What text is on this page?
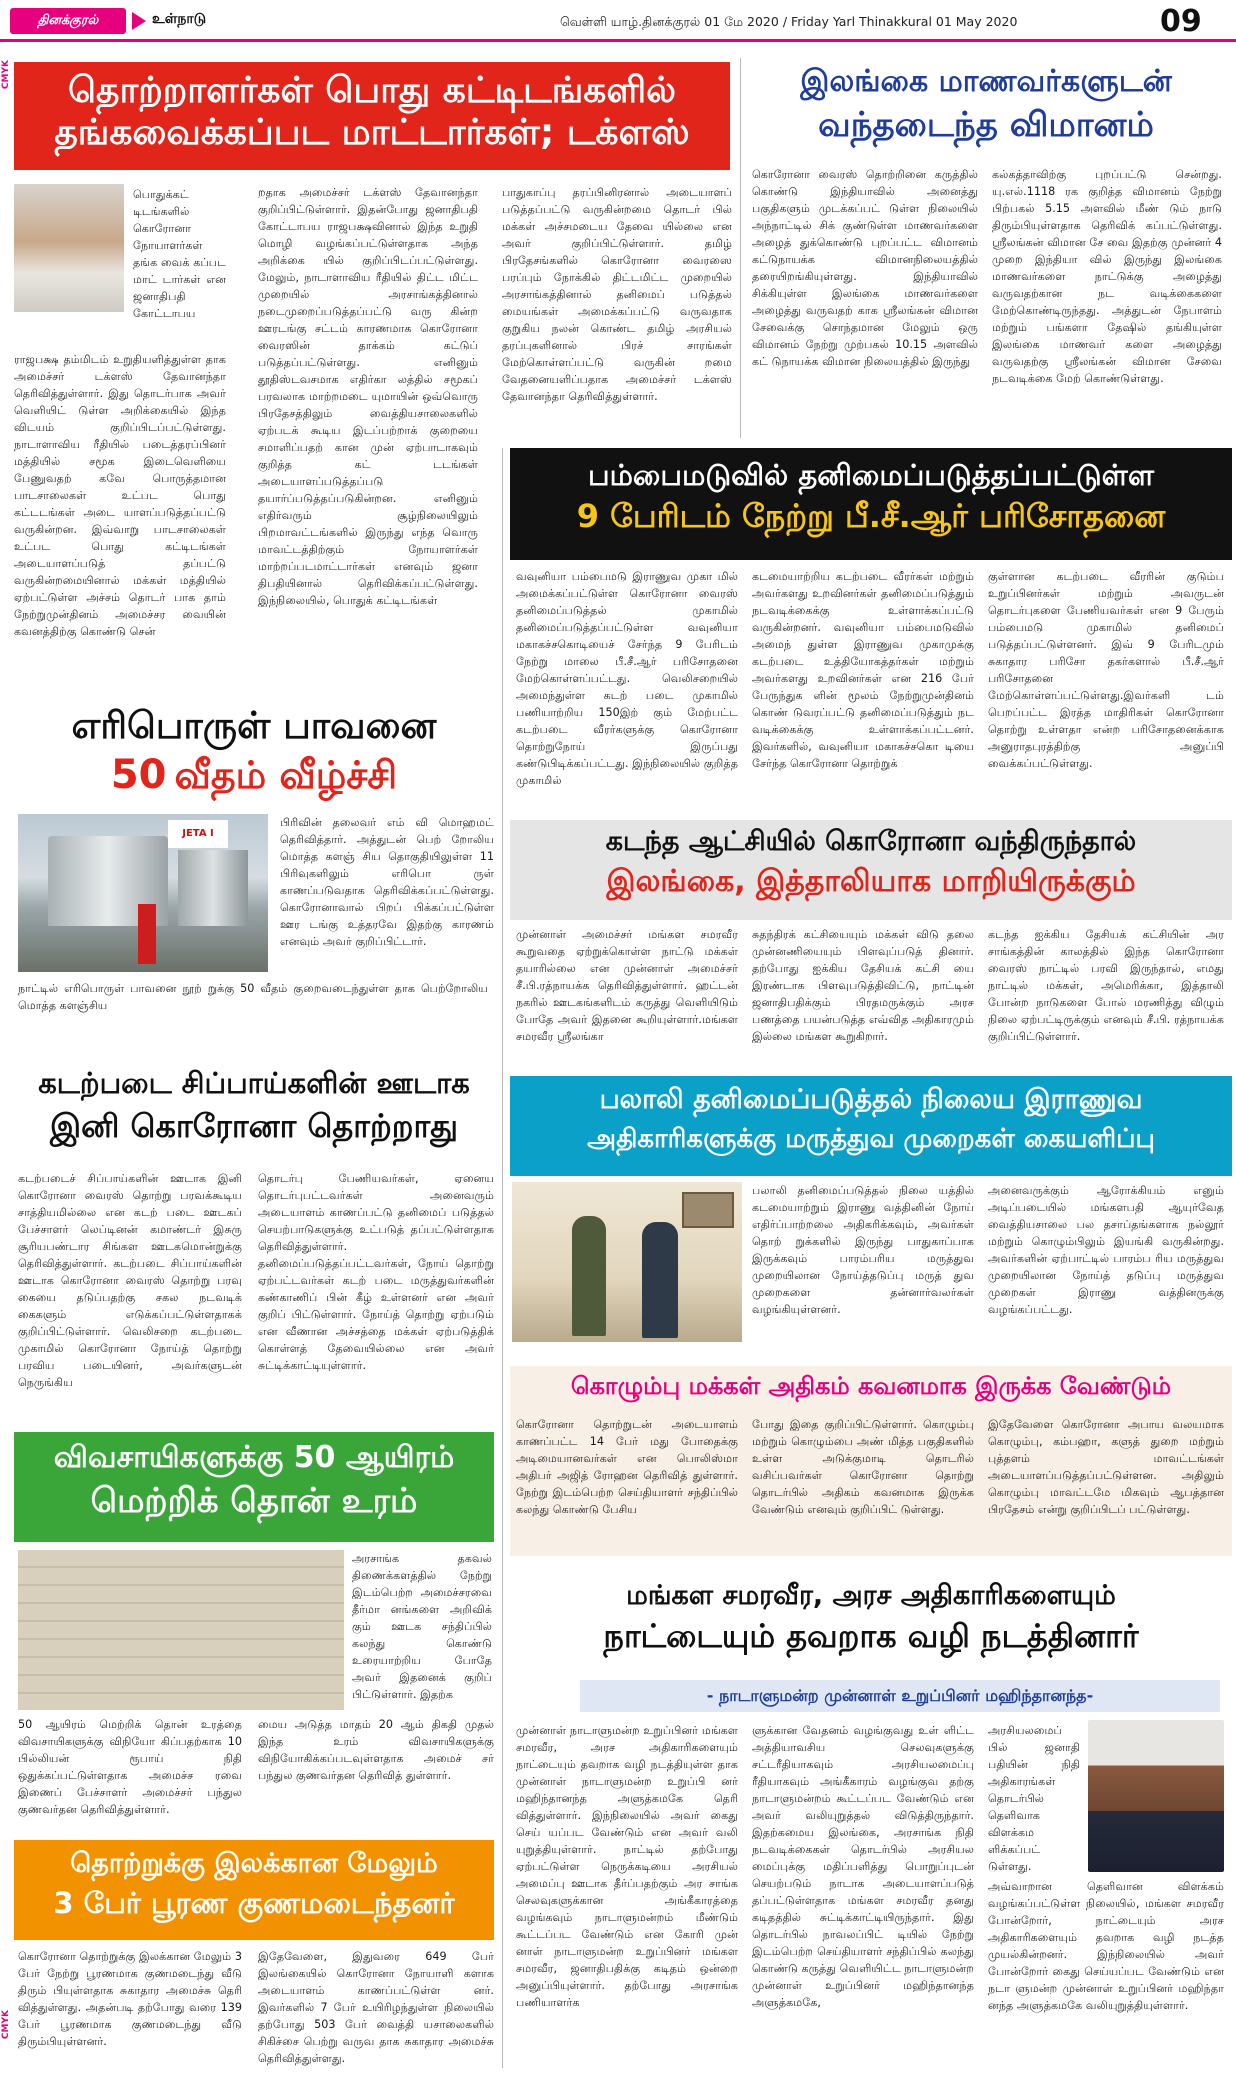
தினக்குரல்	உள்நாடு	வெள்ளி யாழ்.தினக்குரல் 01 மே 2020 / Friday Yarl Thinakkural 01 May 2020	09
CMYK
CMYK
தொற்றாளர்கள் பொது கட்டிடங்களில்
தங்கவைக்கப்பட மாட்டார்கள்; டக்ளஸ்
பொதுக்கட் டிடங்களில் கொரோனா நோயாளர்கள் தங்க வைக் கப்பட மாட் டார்கள் என ஜனாதிபதி கோட்டாபய
ராஜபக்ஷ தம்மிடம் உறுதியளித்துள்ள தாக அமைச்சர் டக்ளஸ் தேவானந்தா தெரிவித்துள்ளார். இது தொடர்பாக அவர் வெளியிட் டுள்ள அறிக்கையில் இந்த விடயம் குறிப்பிடப்பட்டுள்ளது. நாடாளாவிய ரீதியில் படைத்தரப்பினர் மத்தியில் சமூக இடைவெளியை பேணுவதற் கவே பொருத்தமான பாடசாலைகள் உட்பட பொது கட்டடங்கள் அடை யாளப்படுத்தப்பட்டு வருகின்றன. இவ்வாறு பாடசாலைகள் உட்பட பொது கட்டிடங்கள் அடையாளப்படுத் தப்பட்டு வருகின்றமையினால் மக்கள் மத்தியில் ஏற்பட்டுள்ள அச்சம் தொடர் பாக தாம் நேற்றுமுன்தினம் அமைச்சர வையின் கவனத்திற்கு கொண்டு சென்
றதாக அமைச்சர் டக்ளஸ் தேவானந்தா குறிப்பிட்டுள்ளார். இதன்போது ஜனாதிபதி கோட்டாபய ராஜபக்ஷவினால் இந்த உறுதி மொழி வழங்கப்பட்டுள்ளதாக அந்த அறிக்கை யில் குறிப்பிடப்பட்டுள்ளது. மேலும், நாடாளாவிய ரீதியில் திட்ட மிட்ட முறையில் அரசாங்கத்தினால் நடைமுறைப்படுத்தப்பட்டு வரு கின்ற ஊரடங்கு சட்டம் காரணமாக கொரோனா வைரஸின் தாக்கம் கட்டுப் படுத்தப்பட்டுள்ளது. எனினும் தூதிஸ்டவசமாக எதிர்கா லத்தில் சமூகப் பரவலாக மாற்றமடை யுமாயின் ஒவ்வொரு பிரதேசத்திலும் வைத்தியசாலைகளில் ஏற்படக் கூடிய இடப்பற்றாக் குறையை சமாளிப்பதற் கான முன் ஏற்பாடாகவும் குறித்த கட் டடங்கள் அடையாளப்படுத்தப்படு தயார்ப்படுத்தப்படுகின்றன. எனினும் எதிர்வரும் சூழ்நிலையிலும் பிறமாவட்டங்களில் இருந்து எந்த வொரு மாவட்டத்திற்கும் நோயாளர்கள் மாற்றப்படமாட்டார்கள் எனவும் ஜனா திபதியினால் தெரிவிக்கப்பட்டுள்ளது. இந்நிலையில், பொதுக் கட்டிடங்கள்
பாதுகாப்பு தரப்பினிரனால் அடையாளப் படுத்தப்பட்டு வருகின்றமை தொடர் பில் மக்கள் அச்சமடைய தேவை யில்லை என அவர் குறிப்பிட்டுள்ளார். தமிழ் பிரதேசங்களில் கொரோனா வைரஸை பரப்பும் நோக்கில் திட்டமிட்ட முறையில் அரசாங்கத்தினால் தனிமைப் படுத்தல் மையங்கள் அமைக்கப்பட்டு வருவதாக குறுகிய நலன் கொண்ட தமிழ் அரசியல் தரப்புகளினால் பிரச் சாரங்கள் மேற்கொள்ளப்பட்டு வருகின் றமை வேதனையளிப்பதாக அமைச்சர் டக்ளஸ் தேவானந்தா தெரிவித்துள்ளார்.
இலங்கை மாணவர்களுடன்
வந்தடைந்த விமானம்
கொரோனா வைரஸ் தொற்றினை கருத்தில் கொண்டு இந்தியாவில் அனைத்து பகுதிகளும் முடக்கப்பட் டுள்ள நிலையில் அந்நாட்டில் சிக் குண்டுள்ள மாணவர்களை அழைத் துக்கொண்டு புறப்பட்ட விமானம் கட்டுநாயக்க விமானநிலையத்தில் தரையிறங்கியுள்ளது. இந்தியாவில் சிக்கியுள்ள இலங்கை மாணவர்களை அழைத்து வருவதற் காக ஸ்ரீலங்கன் விமான சேவைக்கு சொந்தமான மேலும் ஒரு விமானம் நேற்று முற்பகல் 10.15 அளவில் கட் டுநாயக்க விமான நிலையத்தில் இருந்து
கல்கத்தாவிற்கு புறப்பட்டு சென்றது. யு.எல்.1118 ரக குறித்த விமானம் நேற்று பிற்பகல் 5.15 அளவில் மீண் டும் நாடு திரும்பியுள்ளதாக தெரிவிக் கப்பட்டுள்ளது. ஸ்ரீலங்கன் விமான சே வை இதற்கு முன்னர் 4 முறை இந்தியா வில் இருந்து இலங்கை மாணவர்களை நாட்டுக்கு அழைத்து வருவதற்கான நட வடிக்கைகளை மேற்கொண்டிருந்தது. அத்துடன் நேபாளம் மற்றும் பங்களா தேஷில் தங்கியுள்ள இலங்கை மாணவர் களை அழைத்து வருவதற்கு ஸ்ரீலங்கன் விமான சேவை நடவடிக்கை மேற் கொண்டுள்ளது.
பம்பைமடுவில் தனிமைப்படுத்தப்பட்டுள்ள
9 பேரிடம் நேற்று பீ.சீ.ஆர் பரிசோதனை
வவுனியா பம்பைமடு இராணுவ முகா மில் அமைக்கப்பட்டுள்ள கொரோனா வைரஸ் தனிமைப்படுத்தல் முகாமில் தனிமைப்படுத்தப்பட்டுள்ள வவுனியா மகாகச்சகொடியைச் சேர்ந்த 9 பேரிடம் நேற்று மாலை பீ.சீ.ஆர் பரிசோதனை மேற்கொள்ளப்பட்டது. வெலிசறையில் அமைந்துள்ள கடற் படை முகாமில் பணியாற்றிய 150இற் கும் மேற்பட்ட கடற்படை வீரர்களுக்கு கொரோனா தொற்றுநோய் இருப்பது கண்டுபிடிக்கப்பட்டது. இந்நிலையில் குறித்த முகாமில்
கடமையாற்றிய கடற்படை வீரர்கள் மற்றும் அவர்களது உறவினர்கள் தனிமைப்படுத்தும் நடவடிக்கைக்கு உள்ளாக்கப்பட்டு வருகின்றனர். வவுனியா பம்பைமடுவில் அமைந் துள்ள இராணுவ முகாமுக்கு கடற்படை உத்தியோகத்தர்கள் மற்றும் அவர்களது உறவினர்கள் என 216 பேர் பேருந்துக ளின் மூலம் நேற்றுமுன்தினம் கொண் டுவரப்பட்டு தனிமைப்படுத்தும் நட வடிக்கைக்கு உள்ளாக்கப்பட்டனர். இவர்களில், வவுனியா மகாகச்சகொ டியை சேர்ந்த கொரோனா தொற்றுக்
குள்ளான கடற்படை வீரரின் குடும்ப உறுப்பினர்கள் மற்றும் அவருடன் தொடர்புகளை பேணியவர்கள் என 9 பேரும் பம்பைமடு முகாமில் தனிமைப் படுத்தப்பட்டுள்ளனர். இவ் 9 பேரிடமும் சுகாதார பரிசோ தகர்களால் பீ.சீ.ஆர் பரிசோதனை மேற்கொள்ளப்பட்டுள்ளது.இவர்களி டம் பெறப்பட்ட இரத்த மாதிரிகள் கொரோனா தொற்று உள்ளதா என்ற பரிசோதனைக்காக அனுராதபுரத்திற்கு அனுப்பி வைக்கப்பட்டுள்ளது.
எரிபொருள் பாவனை
50 வீதம் வீழ்ச்சி
JETA I
பிரிவின் தலைவர் எம் வி மொஹமட் தெரிவித்தார். அத்துடன் பெற் றோலிய மொத்த களஞ் சிய தொகுதியிலுள்ள 11 பிரிவுகளிலும் எரிபொ ருள் காணப்படுவதாக தெரிவிக்கப்பட்டுள்ளது. கொரோனாவால் பிறப் பிக்கப்பட்டுள்ள ஊர டங்கு உத்தரவே இதற்கு காரணம் எனவும் அவர் குறிப்பிட்டார்.
நாட்டில் எரிபொருள் பாவனை நூற் றுக்கு 50 வீதம் குறைவடைந்துள்ள தாக பெற்றோலிய மொத்த களஞ்சிய
கடற்படை சிப்பாய்களின் ஊடாக
இனி கொரோனா தொற்றாது
கடற்படைச் சிப்பாய்களின் ஊடாக இனி கொரோனா வைரஸ் தொற்று பரவக்கூடிய சாத்தியமில்லை என கடற் படை ஊடகப் பேச்சாளர் லெப்டினன் கமாண்டர் இசுரு சூரியபண்டார சிங்கள ஊடகமொன்றுக்கு தெரிவித்துள்ளார். கடற்படை சிப்பாய்களின் ஊடாக கொரோனா வைரஸ் தொற்று பரவு கையை தடுப்பதற்கு சகல நடவடிக் கைகளும் எடுக்கப்பட்டுள்ளதாகக் குறிப்பிட்டுள்ளார். வெலிசறை கடற்படை முகாமில் கொரோனா நோய்த் தொற்று பரவிய படையினர், அவர்களுடன் நெருங்கிய
தொடர்பு பேணியவர்கள், ஏனைய தொடர்புபட்டவர்கள் அனைவரும் அடையாளம் காணப்பட்டு தனிமைப் படுத்தல் செயற்பாடுகளுக்கு உட்படுத் தப்பட்டுள்ளதாக தெரிவித்துள்ளார். தனிமைப்படுத்தப்பட்டவர்கள், நோய் தொற்று ஏற்பட்டவர்கள் கடற் படை மருத்துவர்களின் கண்காணிப் பின் கீழ் உள்ளனர் என அவர் குறிப் பிட்டுள்ளார். நோய்த் தொற்று ஏற்படும் என வீணான அச்சத்தை மக்கள் ஏற்படுத்திக் கொள்ளத் தேவையில்லை என அவர் சுட்டிக்காட்டியுள்ளார்.
கடந்த ஆட்சியில் கொரோனா வந்திருந்தால்
இலங்கை, இத்தாலியாக மாறியிருக்கும்
முன்னாள் அமைச்சர் மங்கள சமரவீர கூறுவதை ஏற்றுக்கொள்ள நாட்டு மக்கள் தயாரில்லை என முன்னாள் அமைச்சர் சீ.பி.ரத்நாயக்க தெரிவித்துள்ளார். ஹட்டன் நகரில் ஊடகங்களிடம் கருத்து வெளியிடும் போதே அவர் இதனை கூறியுள்ளார்.மங்கள சமரவீர ஸ்ரீலங்கா
சுதந்திரக் கட்சியையும் மக்கள் விடு தலை முன்னணியையும் பிளவுப்படுத் தினார். தற்போது ஐக்கிய தேசியக் கட்சி யை இரண்டாக பிளவுபடுத்திவிட்டு, நாட்டின் ஜனாதிபதிக்கும் பிரதமருக்கும் அரச பணத்தை பயன்படுத்த எவ்வித அதிகாரமும் இல்லை மங்கள கூறுகிறார்.
கடந்த ஐக்கிய தேசியக் கட்சியின் அர சாங்கத்தின் காலத்தில் இந்த கொரோனா வைரஸ் நாட்டில் பரவி இருந்தால், எமது நாட்டில் மக்கள், அமெரிக்கா, இத்தாலி போன்ற நாடுகளை போல் மரணித்து விழும் நிலை ஏற்பட்டிருக்கும் எனவும் சீ.பி. ரத்நாயக்க குறிப்பிட்டுள்ளார்.
பலாலி தனிமைப்படுத்தல் நிலைய இராணுவ
அதிகாரிகளுக்கு மருத்துவ முறைகள் கையளிப்பு
பலாலி தனிமைப்படுத்தல் நிலை யத்தில் கடமையாற்றும் இராணு வத்தினின் நோய் எதிர்ப்பாற்றலை அதிகரிக்கவும், அவர்கள் தொற் றுக்களில் இருந்து பாதுகாப்பாக இருக்கவும் பாரம்பரிய மருத்துவ முறையிலான நோய்த்தடுப்பு மருத் துவ முறைகளை தன்னார்வலர்கள் வழங்கியுள்ளனர்.
அனைவருக்கும் ஆரோக்கியம் எனும் அடிப்படையில் மங்களபதி ஆயுர்வேத வைத்தியசாலை பல தசாப்தங்களாக நல்லூர் மற்றும் கொழும்பிலும் இயங்கி வருகின்றது. அவர்களின் ஏற்பாட்டில் பாரம்ப ரிய மருத்துவ முறையிலான நோய்த் தடுப்பு மருத்துவ முறைகள் இராணு வத்தினருக்கு வழங்கப்பட்டது.
விவசாயிகளுக்கு 50 ஆயிரம்
மெற்றிக் தொன் உரம்
அரசாங்க தகவல் திணைக்களத்தில் நேற்று இடம்பெற்ற அமைச்சரவை தீர்மா னங்களை அறிவிக் கும் ஊடக சந்திப்பில் கலந்து கொண்டு உரையாற்றிய போதே அவர் இதனைக் குறிப் பிட்டுள்ளார். இதற்க
50 ஆயிரம் மெற்றிக் தொன் உரத்தை விவசாயிகளுக்கு விநியோ கிப்பதற்காக 10 பில்லியன் ரூபாய் நிதி ஒதுக்கப்பட்டுள்ளதாக அமைச்ச ரவை இணைப் பேச்சாளர் அமைச்சர் பந்துல குணவர்தன தெரிவித்துள்ளார்.
மைய அடுத்த மாதம் 20 ஆம் திகதி முதல் இந்த உரம் விவசாயிகளுக்கு விநியோகிக்கப்படவுள்ளதாக அமைச் சர் பந்துல குணவர்தன தெரிவித் துள்ளார்.
தொற்றுக்கு இலக்கான மேலும்
3 பேர் பூரண குணமடைந்தனர்
கொரோனா தொற்றுக்கு இலக்கான மேலும் 3 பேர் நேற்று பூரணமாக குணமடைந்து வீடு திரும் பியுள்ளதாக சுகாதார அமைச்சு தெரி வித்துள்ளது. அதன்படி தற்போது வரை 139 பேர் பூரணமாக குணமடைந்து வீடு திரும்பியுள்ளனர்.
இதேவேளை, இதுவரை 649 பேர் இலங்கையில் கொரோனா நோயாளி களாக அடையாளம் காணப்பட்டுள்ள னர். இவர்களில் 7 பேர் உயிரிழந்துள்ள நிலையில் தற்போது 503 பேர் வைத்தி யசாலைகளில் சிகிச்சை பெற்று வருவ தாக சுகாதார அமைச்சு தெரிவித்துள்ளது.
கொழும்பு மக்கள் அதிகம் கவனமாக இருக்க வேண்டும்
கொரோனா தொற்றுடன் அடையாளம் காணப்பட்ட 14 பேர் மது போதைக்கு அடிமையானவர்கள் என பொலிஸ்மா அதிபர் அஜித் ரோஹன தெரிவித் துள்ளார். நேற்று இடம்பெற்ற செய்தியாளர் சந்திப்பில் கலந்து கொண்டு பேசிய
போது இதை குறிப்பிட்டுள்ளார். கொழும்பு மற்றும் கொழும்பை அண் மித்த பகுதிகளில் உள்ள அடுக்குமாடி தொடரில் வசிப்பவர்கள் கொரோனா தொற்று தொடர்பில் அதிகம் கவனமாக இருக்க வேண்டும் எனவும் குறிப்பிட் டுள்ளது.
இதேவேளை கொரோனா அபாய வலயமாக கொழும்பு, கம்பஹா, களுத் துறை மற்றும் புத்தளம் மாவட்டங்கள் அடையாளப்படுத்தப்பட்டுள்ளன. அதிலும் கொழும்பு மாவட்டமே மிகவும் ஆபத்தான பிரதேசம் என்று குறிப்பிடப் பட்டுள்ளது.
மங்கள சமரவீர, அரச அதிகாரிகளையும்
நாட்டையும் தவறாக வழி நடத்தினார்
- நாடாளுமன்ற முன்னாள் உறுப்பினர் மஹிந்தானந்த-
முன்னாள் நாடாளுமன்ற உறுப்பினர் மங்கள சமரவீர, அரச அதிகாரிகளையும் நாட்டையும் தவறாக வழி நடத்தியுள்ள தாக முன்னாள் நாடாளுமன்ற உறுப்பி னர் மஹிந்தானந்த அளுத்கமகே தெரி வித்துள்ளார். இந்நிலையில் அவர் கைது செய் யப்பட வேண்டும் என அவர் வலி யுறுத்தியுள்ளார். நாட்டில் தற்போது ஏற்பட்டுள்ள நெருக்கடியை அரசியல் அமைப்பு ஊடாக தீர்ப்பதற்கும் அர சாங்க செலவுகளுக்கான அங்கீகாரத்தை வழங்கவும் நாடாளுமன்றம் மீண்டும் கூட்டப்பட வேண்டும் என கோரி முன் னாள் நாடாளுமன்ற உறுப்பினர் மங்கள சமரவீர, ஜனாதிபதிக்கு கடிதம் ஒன்றை அனுப்பியுள்ளார். தற்போது அரசாங்க பணியாளர்க
ளுக்கான வேதனம் வழங்குவது உள் ளிட்ட அத்தியாவசிய செலவுகளுக்கு சட்டரீதியாகவும் அரசியலமைப்பு ரீதியாகவும் அங்கீகாரம் வழங்குவ தற்கு நாடாளுமன்றம் கூட்டப்பட வேண்டும் என அவர் வலியுறுத்தல் விடுத்திருந்தார். இதற்கமைய இலங்கை, அரசாங்க நிதி நடவடிக்கைகள் தொடர்பில் அரசியல மைப்புக்கு மதிப்பளித்து பொறுப்புடன் செயற்படும் நாடாக அடையாளப்படுத் தப்பட்டுள்ளதாக மங்கள சமரவீர தனது கடிதத்தில் சுட்டிக்காட்டியிருந்தார். இது தொடர்பில் நாவலப்பிட் டியில் நேற்று இடம்பெற்ற செய்தியாளர் சந்திப்பில் கலந்து கொண்டு கருத்து வெளியிட்ட நாடாளுமன்ற முன்னாள் உறுப்பினர் மஹிந்தானந்த அளுத்கமகே,
அரசியலமைப் பில் ஜனாதி பதியின் நிதி அதிகாரங்கள் தொடர்பில் தெளிவாக விளக்கம ளிக்கப்பட் டுள்ளது.
அவ்வாறான தெளிவான விளக்கம் வழங்கப்பட்டுள்ள நிலையில், மங்கள சமரவீர போன்றோர், நாட்டையும் அரச அதிகாரிகளையும் தவறாக வழி நடத்த முயல்கின்றனர். இந்நிலையில் அவர் போன்றோர் கைது செய்யப்பட வேண்டும் என நடா ளுமன்ற முன்னாள் உறுப்பினர் மஹிந்தா னந்த அளுத்கமகே வலியுறுத்தியுள்ளார்.
